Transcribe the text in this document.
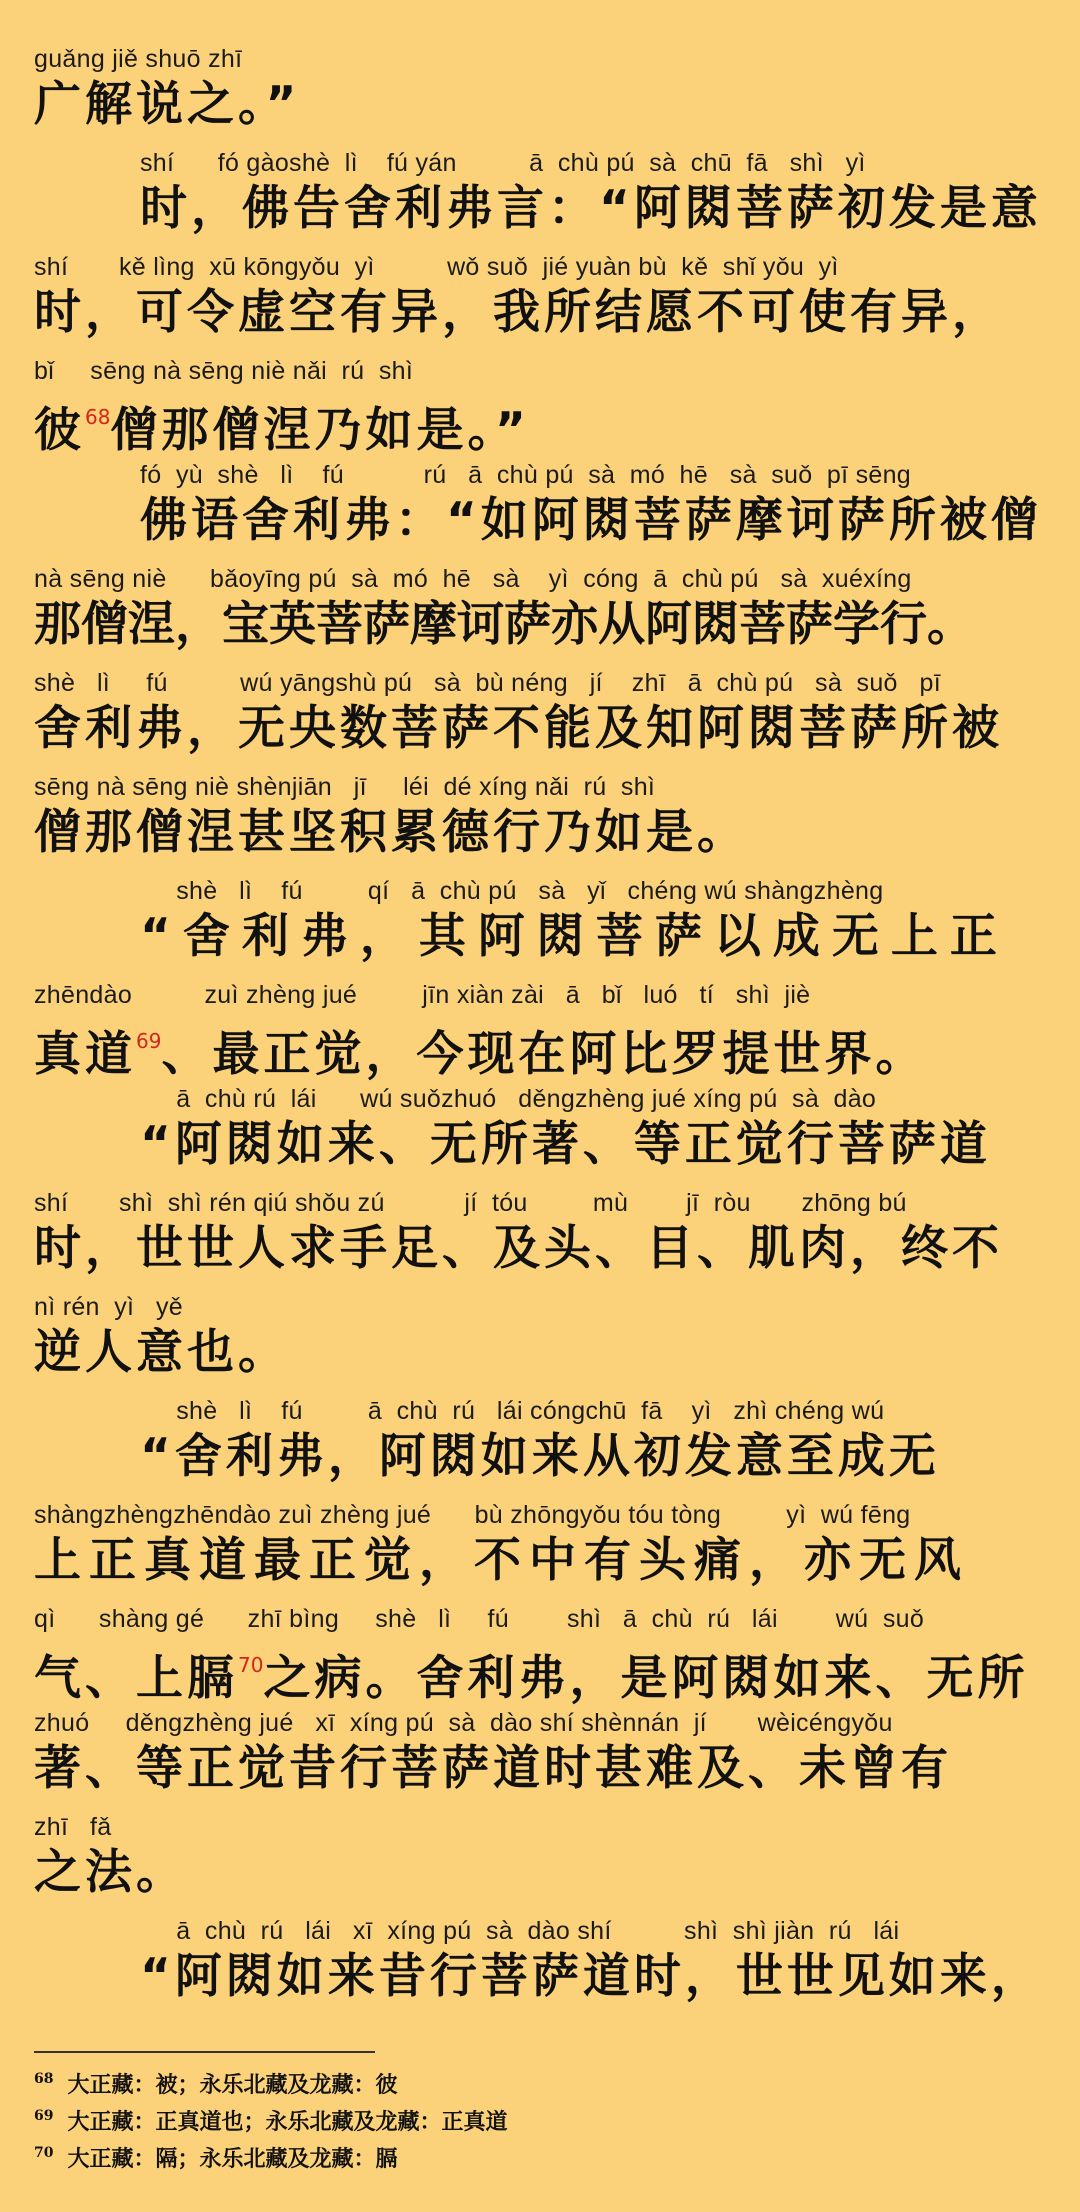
guǎng jiě shuō zhī
广解说之。”
shí      fó gàoshè  lì    fú yán          ā  chù pú  sà  chū  fā   shì   yì
时，佛告舍利弗言：“阿閦菩萨初发是意
shí       kě lìng  xū kōngyǒu  yì          wǒ suǒ  jié yuàn bù  kě  shǐ yǒu  yì
时，可令虚空有异，我所结愿不可使有异，
bǐ     sēng nà sēng niè nǎi  rú  shì
彼$^{68}$僧那僧涅乃如是。”
fó  yù  shè   lì    fú           rú   ā  chù pú  sà  mó  hē   sà  suǒ  pī sēng
佛语舍利弗：“如阿閦菩萨摩诃萨所被僧
nà sēng niè      bǎoyīng pú  sà  mó  hē   sà    yì  cóng  ā  chù pú   sà  xuéxíng
那僧涅，宝英菩萨摩诃萨亦从阿閦菩萨学行。
shè   lì     fú          wú yāngshù pú   sà  bù néng   jí    zhī   ā  chù pú   sà  suǒ   pī
舍利弗，无央数菩萨不能及知阿閦菩萨所被
sēng nà sēng niè shènjiān   jī     léi  dé xíng nǎi  rú  shì
僧那僧涅甚坚积累德行乃如是。
shè   lì    fú         qí   ā  chù pú   sà   yǐ   chéng wú shàngzhèng
“舍利弗，其阿閦菩萨以成无上正
zhēndào          zuì zhèng jué         jīn xiàn zài   ā   bǐ   luó   tí   shì  jiè
真道$^{69}$、最正觉，今现在阿比罗提世界。
ā  chù rú  lái      wú suǒzhuó   děngzhèng jué xíng pú  sà  dào
“阿閦如来、无所著、等正觉行菩萨道
shí       shì  shì rén qiú shǒu zú           jí  tóu         mù        jī  ròu       zhōng bú
时，世世人求手足、及头、目、肌肉，终不
nì rén  yì   yě
逆人意也。
shè   lì    fú         ā  chù  rú   lái cóngchū  fā    yì   zhì chéng wú
“舍利弗，阿閦如来从初发意至成无
shàngzhèngzhēndào zuì zhèng jué      bù zhōngyǒu tóu tòng         yì  wú fēng
上正真道最正觉，不中有头痛，亦无风
qì      shàng gé      zhī bìng     shè   lì     fú        shì   ā  chù  rú   lái        wú  suǒ
气、上膈$^{70}$之病。舍利弗，是阿閦如来、无所
zhuó     děngzhèng jué   xī  xíng pú  sà  dào shí shènnán  jí       wèicéngyǒu
著、等正觉昔行菩萨道时甚难及、未曾有
zhī   fǎ
之法。
ā  chù  rú   lái   xī  xíng pú  sà  dào shí          shì  shì jiàn  rú   lái
“阿閦如来昔行菩萨道时，世世见如来，
$^{68}$ 大正藏：被；永乐北藏及龙藏：彼
$^{69}$ 大正藏：正真道也；永乐北藏及龙藏：正真道
$^{70}$ 大正藏：隔；永乐北藏及龙藏：膈
